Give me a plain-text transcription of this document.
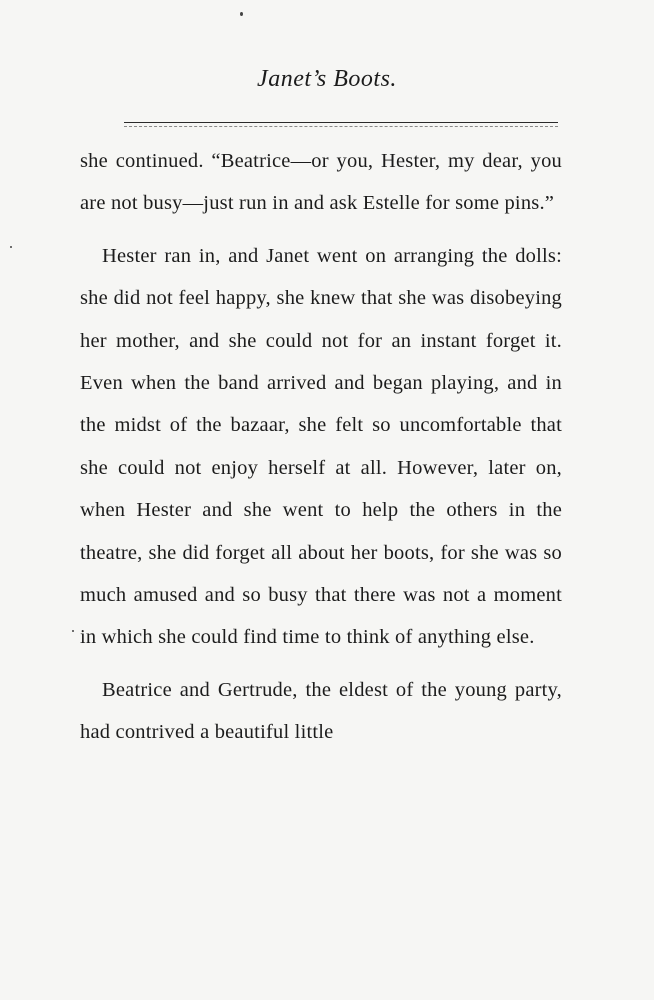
Janet’s Boots.

she continued. “Beatrice—or you, Hester, my dear, you are not busy—just run in and ask Estelle for some pins.”

Hester ran in, and Janet went on arranging the dolls: she did not feel happy, she knew that she was disobeying her mother, and she could not for an instant forget it. Even when the band arrived and began playing, and in the midst of the bazaar, she felt so uncomfortable that she could not enjoy herself at all. However, later on, when Hester and she went to help the others in the theatre, she did forget all about her boots, for she was so much amused and so busy that there was not a moment in which she could find time to think of anything else.

Beatrice and Gertrude, the eldest of the young party, had contrived a beautiful little
